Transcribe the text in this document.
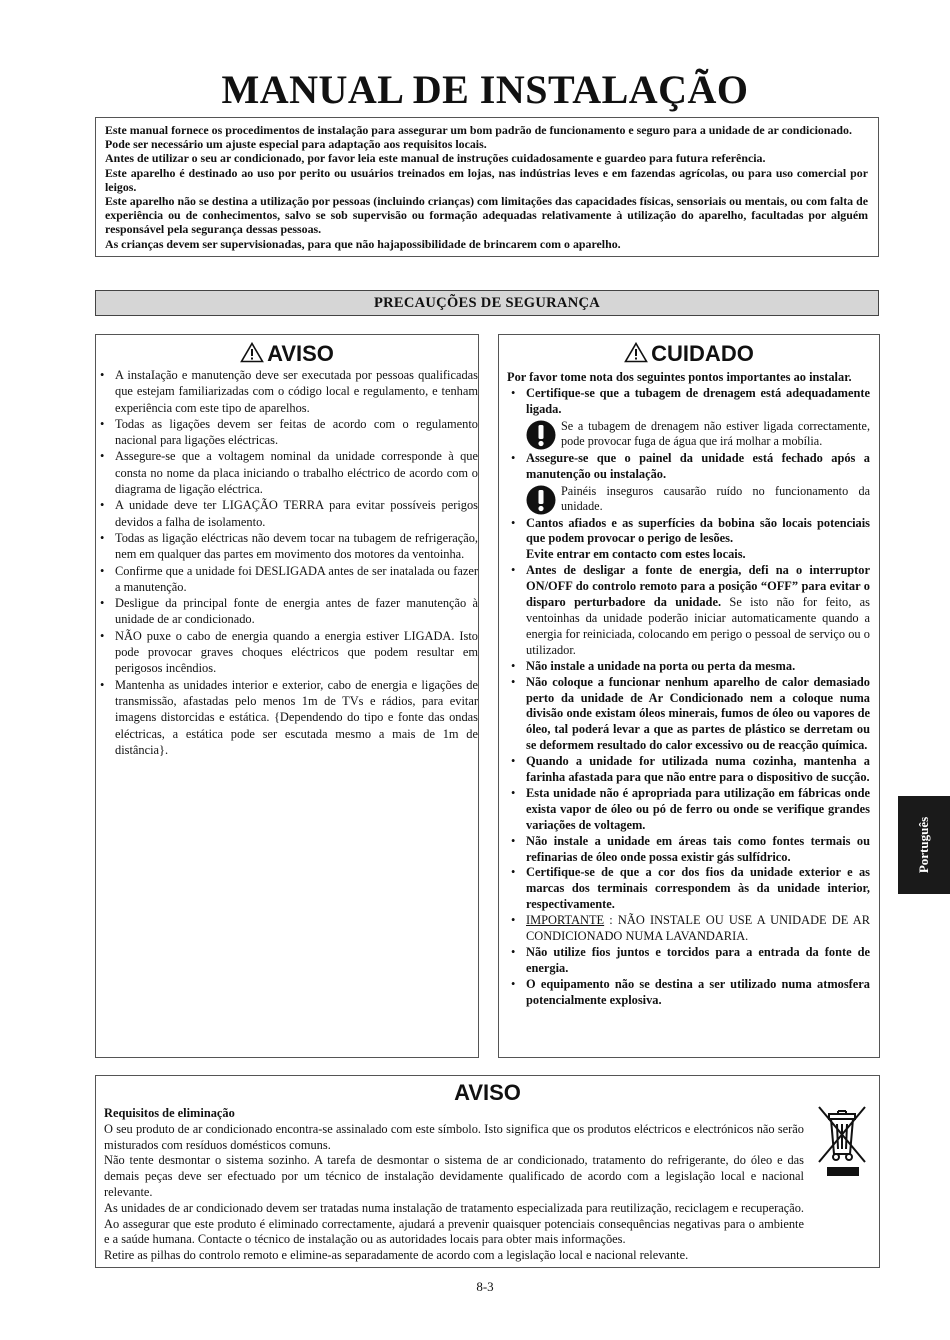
MANUAL DE INSTALAÇÃO

Este manual fornece os procedimentos de instalação para assegurar um bom padrão de funcionamento e seguro para a unidade de ar condicionado.

Pode ser necessário um ajuste especial para adaptação aos requisitos locais.

Antes de utilizar o seu ar condicionado, por favor leia este manual de instruções cuidadosamente e guardeo para futura referência.

Este aparelho é destinado ao uso por perito ou usuários treinados em lojas, nas indústrias leves e em fazendas agrícolas, ou para uso comercial por leigos.

Este aparelho não se destina a utilização por pessoas (incluindo crianças) com limitações das capacidades físicas, sensoriais ou mentais, ou com falta de experiência ou de conhecimentos, salvo se sob supervisão ou formação adequadas relativamente à utilização do aparelho, facultadas por alguém responsável pela segurança dessas pessoas.

As crianças devem ser supervisionadas, para que não hajapossibilidade de brincarem com o aparelho.

PRECAUÇÕES DE SEGURANÇA
AVISO
• A instaIação e manutenção deve ser executada por pessoas qualificadas que estejam familiarizadas com o código local e regulamento, e tenham experiência com este tipo de aparelhos.
• Todas as ligações devem ser feitas de acordo com o regulamento nacional para ligações eléctricas.
• Assegure-se que a voltagem nominal da unidade corresponde à que consta no nome da placa iniciando o trabalho eléctrico de acordo com o diagrama de ligação eléctrica.
• A unidade deve ter LIGAÇÃO TERRA para evitar possíveis perigos devidos a falha de isolamento.
• Todas as ligação eléctricas não devem tocar na tubagem de refrigeração, nem em qualquer das partes em movimento dos motores da ventoinha.
• Confirme que a unidade foi DESLIGADA antes de ser inatalada ou fazer a manutenção.
• Desligue da principal fonte de energia antes de fazer manutenção à unidade de ar condicionado.
• NÃO puxe o cabo de energia quando a energia estiver LIGADA. Isto pode provocar graves choques eléctricos que podem resultar em perigosos incêndios.
• Mantenha as unidades interior e exterior, cabo de energia e ligações de transmissão, afastadas pelo menos 1m de TVs e rádios, para evitar imagens distorcidas e estática. {Dependendo do tipo e fonte das ondas eléctricas, a estática pode ser escutada mesmo a mais de 1m de distância}.
CUIDADO

Por favor tome nota dos seguintes pontos importantes ao instalar.

• Certifique-se que a tubagem de drenagem está adequadamente ligada.
Se a tubagem de drenagem não estiver ligada correctamente, pode provocar fuga de água que irá molhar a mobília.
• Assegure-se que o painel da unidade está fechado após a manutenção ou instalação.
Painéis inseguros causarão ruído no funcionamento da unidade.
• Cantos afiados e as superfícies da bobina são locais potenciais que podem provocar o perigo de lesões.
Evite entrar em contacto com estes locais.
• Antes de desligar a fonte de energia, defi na o interruptor ON/OFF do controlo remoto para a posição “OFF” para evitar o disparo perturbadore da unidade. Se isto não for feito, as ventoinhas da unidade poderão iniciar automaticamente quando a energia for reiniciada, colocando em perigo o pessoal de serviço ou o utilizador.
• Não instale a unidade na porta ou perta da mesma.
• Não coloque a funcionar nenhum aparelho de calor demasiado perto da unidade de Ar Condicionado nem a coloque numa divisão onde existam óleos minerais, fumos de óleo ou vapores de óleo, tal poderá levar a que as partes de plástico se derretam ou se deformem resultado do calor excessivo ou de reacção química.
• Quando a unidade for utilizada numa cozinha, mantenha a farinha afastada para que não entre para o dispositivo de sucção.
• Esta unidade não é apropriada para utilização em fábricas onde exista vapor de óleo ou pó de ferro ou onde se verifique grandes variações de voltagem.
• Não instale a unidade em áreas tais como fontes termais ou refinarias de óleo onde possa existir gás sulfídrico.
• Certifique-se de que a cor dos fios da unidade exterior e as marcas dos terminais correspondem às da unidade interior, respectivamente.
• IMPORTANTE : NÃO INSTALE OU USE A UNIDADE DE AR CONDICIONADO NUMA LAVANDARIA.
• Não utilize fios juntos e torcidos para a entrada da fonte de energia.
• O equipamento não se destina a ser utilizado numa atmosfera potencialmente explosiva.
AVISO

Requisitos de eliminação

O seu produto de ar condicionado encontra-se assinalado com este símbolo. Isto significa que os produtos eléctricos e electrónicos não serão misturados com resíduos domésticos comuns.

Não tente desmontar o sistema sozinho. A tarefa de desmontar o sistema de ar condicionado, tratamento do refrigerante, do óleo e das demais peças deve ser efectuado por um técnico de instalação devidamente qualificado de acordo com a legislação local e nacional relevante.

As unidades de ar condicionado devem ser tratadas numa instalação de tratamento especializada para reutilização, reciclagem e recuperação. Ao assegurar que este produto é eliminado correctamente, ajudará a prevenir quaisquer potenciais consequências negativas para o ambiente e a saúde humana. Contacte o técnico de instalação ou as autoridades locais para obter mais informações.

Retire as pilhas do controlo remoto e elimine-as separadamente de acordo com a legislação local e nacional relevante.

Português
8-3
